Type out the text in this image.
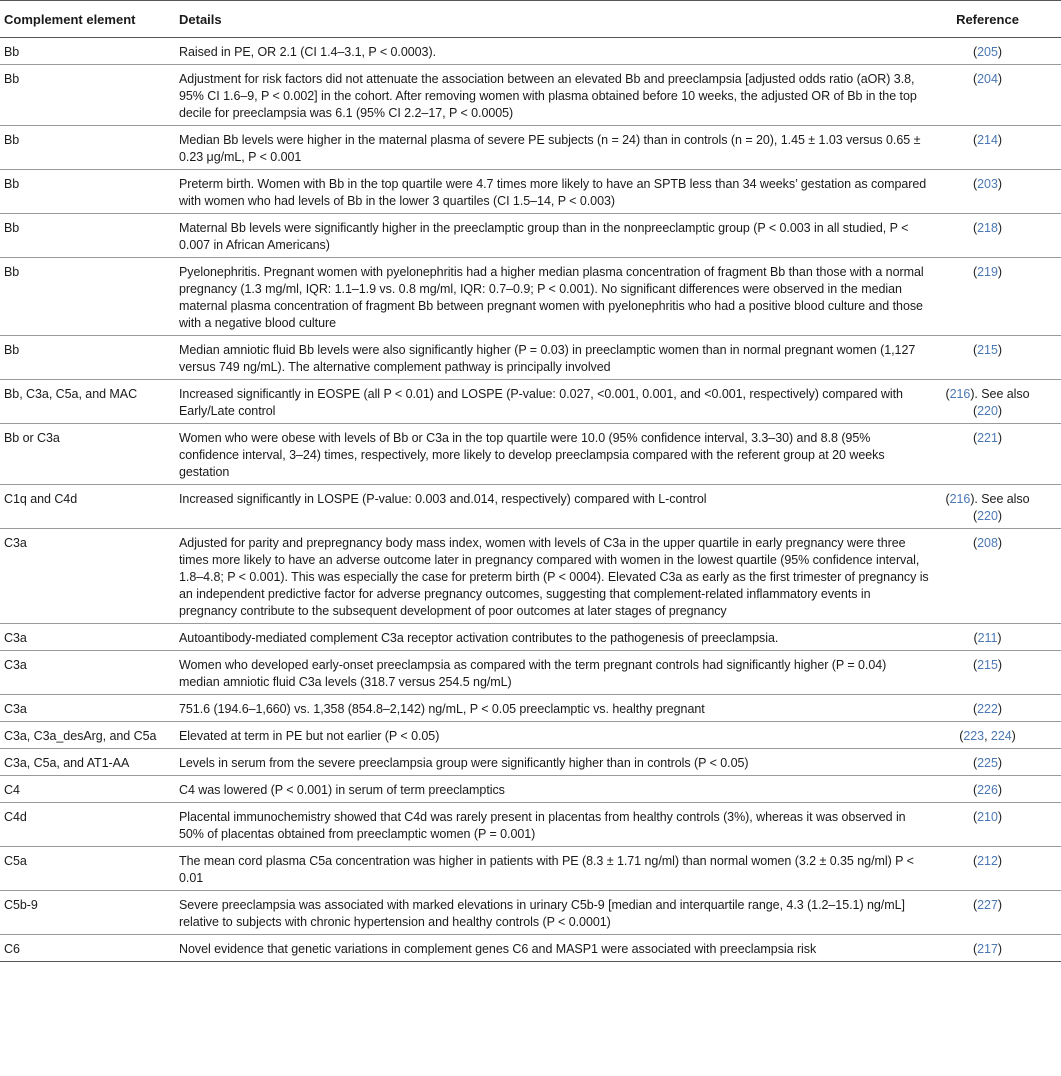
Complement element	Details	Reference
Bb	Raised in PE, OR 2.1 (CI 1.4–3.1, P < 0.0003).	(205)
Bb	Adjustment for risk factors did not attenuate the association between an elevated Bb and preeclampsia [adjusted odds ratio (aOR) 3.8, 95% CI 1.6–9, P < 0.002] in the cohort. After removing women with plasma obtained before 10 weeks, the adjusted OR of Bb in the top decile for preeclampsia was 6.1 (95% CI 2.2–17, P < 0.0005)	(204)
Bb	Median Bb levels were higher in the maternal plasma of severe PE subjects (n = 24) than in controls (n = 20), 1.45 ± 1.03 versus 0.65 ± 0.23 μg/mL, P < 0.001	(214)
Bb	Preterm birth. Women with Bb in the top quartile were 4.7 times more likely to have an SPTB less than 34 weeks’ gestation as compared with women who had levels of Bb in the lower 3 quartiles (CI 1.5–14, P < 0.003)	(203)
Bb	Maternal Bb levels were significantly higher in the preeclamptic group than in the nonpreeclamptic group (P < 0.003 in all studied, P < 0.007 in African Americans)	(218)
Bb	Pyelonephritis. Pregnant women with pyelonephritis had a higher median plasma concentration of fragment Bb than those with a normal pregnancy (1.3 mg/ml, IQR: 1.1–1.9 vs. 0.8 mg/ml, IQR: 0.7–0.9; P < 0.001). No significant differences were observed in the median maternal plasma concentration of fragment Bb between pregnant women with pyelonephritis who had a positive blood culture and those with a negative blood culture	(219)
Bb	Median amniotic fluid Bb levels were also significantly higher (P = 0.03) in preeclamptic women than in normal pregnant women (1,127 versus 749 ng/mL). The alternative complement pathway is principally involved	(215)
Bb, C3a, C5a, and MAC	Increased significantly in EOSPE (all P < 0.01) and LOSPE (P-value: 0.027, <0.001, 0.001, and <0.001, respectively) compared with Early/Late control	(216). See also (220)
Bb or C3a	Women who were obese with levels of Bb or C3a in the top quartile were 10.0 (95% confidence interval, 3.3–30) and 8.8 (95% confidence interval, 3–24) times, respectively, more likely to develop preeclampsia compared with the referent group at 20 weeks gestation	(221)
C1q and C4d	Increased significantly in LOSPE (P-value: 0.003 and.014, respectively) compared with L-control	(216). See also (220)
C3a	Adjusted for parity and prepregnancy body mass index, women with levels of C3a in the upper quartile in early pregnancy were three times more likely to have an adverse outcome later in pregnancy compared with women in the lowest quartile (95% confidence interval, 1.8–4.8; P < 0.001). This was especially the case for preterm birth (P < 0004). Elevated C3a as early as the first trimester of pregnancy is an independent predictive factor for adverse pregnancy outcomes, suggesting that complement-related inflammatory events in pregnancy contribute to the subsequent development of poor outcomes at later stages of pregnancy	(208)
C3a	Autoantibody-mediated complement C3a receptor activation contributes to the pathogenesis of preeclampsia.	(211)
C3a	Women who developed early-onset preeclampsia as compared with the term pregnant controls had significantly higher (P = 0.04) median amniotic fluid C3a levels (318.7 versus 254.5 ng/mL)	(215)
C3a	751.6 (194.6–1,660) vs. 1,358 (854.8–2,142) ng/mL, P < 0.05 preeclamptic vs. healthy pregnant	(222)
C3a, C3a_desArg, and C5a	Elevated at term in PE but not earlier (P < 0.05)	(223, 224)
C3a, C5a, and AT1-AA	Levels in serum from the severe preeclampsia group were significantly higher than in controls (P < 0.05)	(225)
C4	C4 was lowered (P < 0.001) in serum of term preeclamptics	(226)
C4d	Placental immunochemistry showed that C4d was rarely present in placentas from healthy controls (3%), whereas it was observed in 50% of placentas obtained from preeclamptic women (P = 0.001)	(210)
C5a	The mean cord plasma C5a concentration was higher in patients with PE (8.3 ± 1.71 ng/ml) than normal women (3.2 ± 0.35 ng/ml) P < 0.01	(212)
C5b-9	Severe preeclampsia was associated with marked elevations in urinary C5b-9 [median and interquartile range, 4.3 (1.2–15.1) ng/mL] relative to subjects with chronic hypertension and healthy controls (P < 0.0001)	(227)
C6	Novel evidence that genetic variations in complement genes C6 and MASP1 were associated with preeclampsia risk	(217)
